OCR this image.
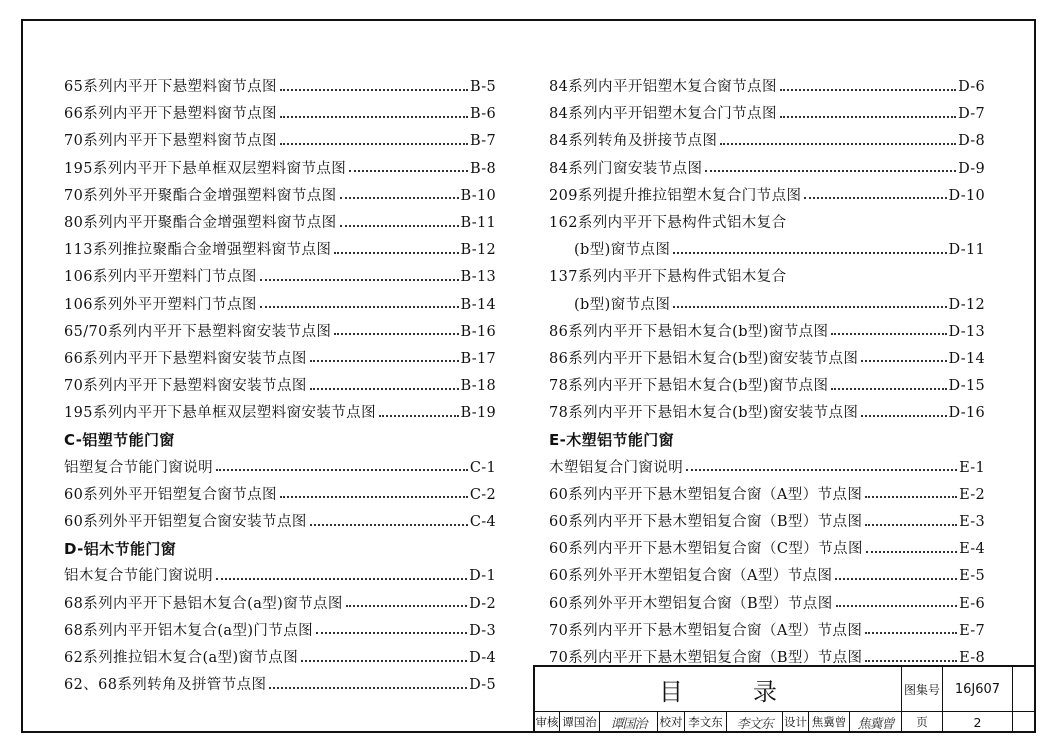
65系列内平开下悬塑料窗节点图	B-5
66系列内平开下悬塑料窗节点图	B-6
70系列内平开下悬塑料窗节点图	B-7
195系列内平开下悬单框双层塑料窗节点图	B-8
70系列外平开聚酯合金增强塑料窗节点图	B-10
80系列内平开聚酯合金增强塑料窗节点图	B-11
113系列推拉聚酯合金增强塑料窗节点图	B-12
106系列内平开塑料门节点图	B-13
106系列外平开塑料门节点图	B-14
65/70系列内平开下悬塑料窗安装节点图	B-16
66系列内平开下悬塑料窗安装节点图	B-17
70系列内平开下悬塑料窗安装节点图	B-18
195系列内平开下悬单框双层塑料窗安装节点图	B-19
C-铝塑节能门窗
铝塑复合节能门窗说明	C-1
60系列外平开铝塑复合窗节点图	C-2
60系列外平开铝塑复合窗安装节点图	C-4
D-铝木节能门窗
铝木复合节能门窗说明	D-1
68系列内平开下悬铝木复合(a型)窗节点图	D-2
68系列内平开铝木复合(a型)门节点图	D-3
62系列推拉铝木复合(a型)窗节点图	D-4
62、68系列转角及拼管节点图	D-5
84系列内平开铝塑木复合窗节点图	D-6
84系列内平开铝塑木复合门节点图	D-7
84系列转角及拼接节点图	D-8
84系列门窗安装节点图	D-9
209系列提升推拉铝塑木复合门节点图	D-10
162系列内平开下悬构件式铝木复合
(b型)窗节点图	D-11
137系列内平开下悬构件式铝木复合
(b型)窗节点图	D-12
86系列内平开下悬铝木复合(b型)窗节点图	D-13
86系列内平开下悬铝木复合(b型)窗安装节点图	D-14
78系列内平开下悬铝木复合(b型)窗节点图	D-15
78系列内平开下悬铝木复合(b型)窗安装节点图	D-16
E-木塑铝节能门窗
木塑铝复合门窗说明	E-1
60系列内平开下悬木塑铝复合窗（A型）节点图	E-2
60系列内平开下悬木塑铝复合窗（B型）节点图	E-3
60系列内平开下悬木塑铝复合窗（C型）节点图	E-4
60系列外平开木塑铝复合窗（A型）节点图	E-5
60系列外平开木塑铝复合窗（B型）节点图	E-6
70系列内平开下悬木塑铝复合窗（A型）节点图	E-7
70系列内平开下悬木塑铝复合窗（B型）节点图	E-8
目录	图集号	16J607
审核 谭国治	谭国治	校对 李文东	李文东	设计 焦冀曾 焦冀曾	页	2
